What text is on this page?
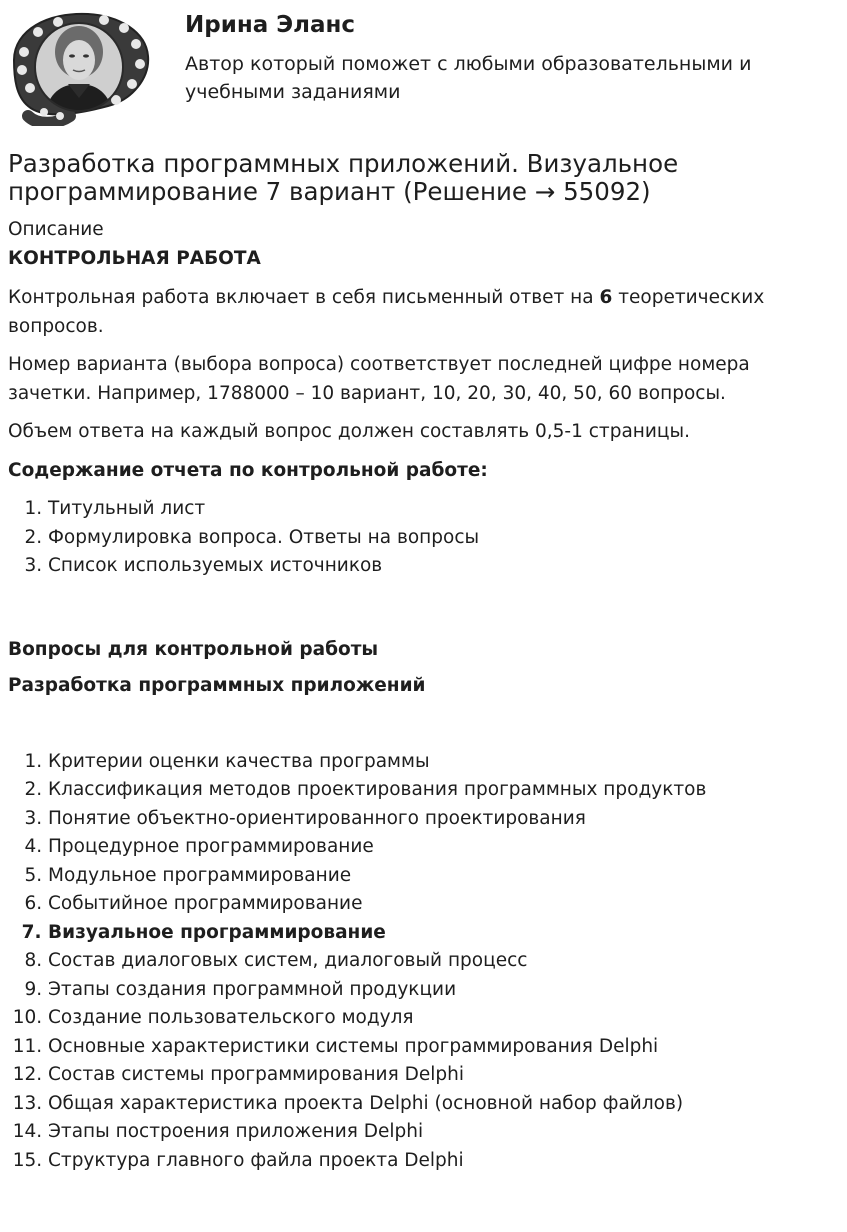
Ирина Эланс
Автор который поможет с любыми образовательными и учебными заданиями
Разработка программных приложений. Визуальное программирование 7 вариант (Решение → 55092)

Описание

КОНТРОЛЬНАЯ РАБОТА

Контрольная работа включает в себя письменный ответ на 6 теоретических вопросов.

Номер варианта (выбора вопроса) соответствует последней цифре номера зачетки. Например, 1788000 – 10 вариант, 10, 20, 30, 40, 50, 60 вопросы.

Объем ответа на каждый вопрос должен составлять 0,5-1 страницы.

Содержание отчета по контрольной работе:

1. Титульный лист
2. Формулировка вопроса. Ответы на вопросы
3. Список используемых источников

Вопросы для контрольной работы

Разработка программных приложений

1. Критерии оценки качества программы
2. Классификация методов проектирования программных продуктов
3. Понятие объектно-ориентированного проектирования
4. Процедурное программирование
5. Модульное программирование
6. Событийное программирование
7. Визуальное программирование
8. Состав диалоговых систем, диалоговый процесс
9. Этапы создания программной продукции
10. Создание пользовательского модуля
11. Основные характеристики системы программирования Delphi
12. Состав системы программирования Delphi
13. Общая характеристика проекта Delphi (основной набор файлов)
14. Этапы построения приложения Delphi
15. Структура главного файла проекта Delphi
